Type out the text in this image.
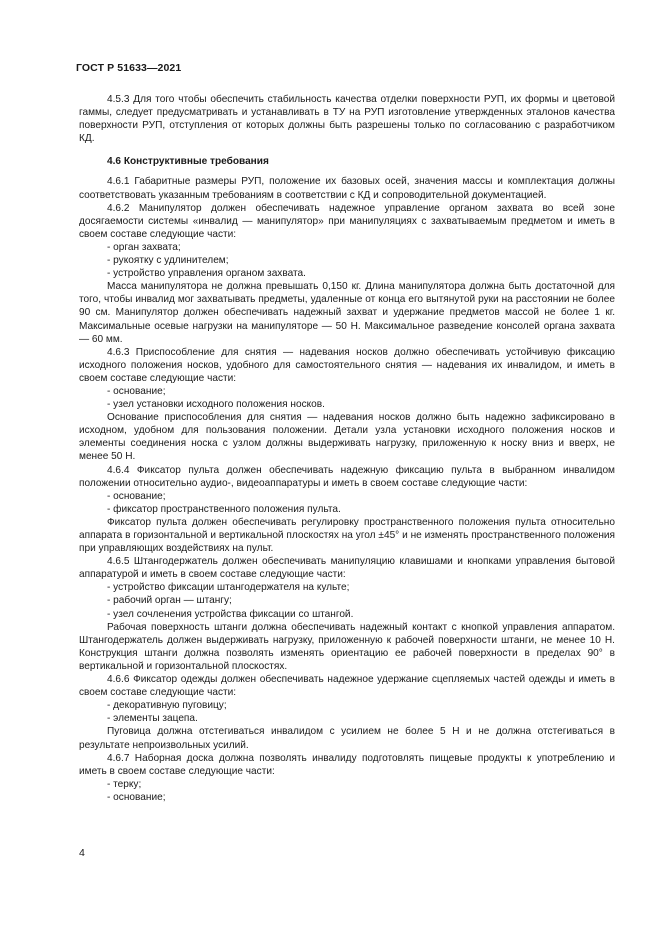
ГОСТ Р 51633—2021

4.5.3 Для того чтобы обеспечить стабильность качества отделки поверхности РУП, их формы и цветовой гаммы, следует предусматривать и устанавливать в ТУ на РУП изготовление утвержденных эталонов качества поверхности РУП, отступления от которых должны быть разрешены только по согласованию с разработчиком КД.

4.6 Конструктивные требования

4.6.1 Габаритные размеры РУП, положение их базовых осей, значения массы и комплектация должны соответствовать указанным требованиям в соответствии с КД и сопроводительной документацией.

4.6.2 Манипулятор должен обеспечивать надежное управление органом захвата во всей зоне досягаемости системы «инвалид — манипулятор» при манипуляциях с захватываемым предметом и иметь в своем составе следующие части:

- орган захвата;

- рукоятку с удлинителем;

- устройство управления органом захвата.

Масса манипулятора не должна превышать 0,150 кг. Длина манипулятора должна быть достаточной для того, чтобы инвалид мог захватывать предметы, удаленные от конца его вытянутой руки на расстоянии не более 90 см. Манипулятор должен обеспечивать надежный захват и удержание предметов массой не более 1 кг. Максимальные осевые нагрузки на манипуляторе — 50 Н. Максимальное разведение консолей органа захвата — 60 мм.

4.6.3 Приспособление для снятия — надевания носков должно обеспечивать устойчивую фиксацию исходного положения носков, удобного для самостоятельного снятия — надевания их инвалидом, и иметь в своем составе следующие части:

- основание;

- узел установки исходного положения носков.

Основание приспособления для снятия — надевания носков должно быть надежно зафиксировано в исходном, удобном для пользования положении. Детали узла установки исходного положения носков и элементы соединения носка с узлом должны выдерживать нагрузку, приложенную к носку вниз и вверх, не менее 50 Н.

4.6.4 Фиксатор пульта должен обеспечивать надежную фиксацию пульта в выбранном инвалидом положении относительно аудио-, видеоаппаратуры и иметь в своем составе следующие части:

- основание;

- фиксатор пространственного положения пульта.

Фиксатор пульта должен обеспечивать регулировку пространственного положения пульта относительно аппарата в горизонтальной и вертикальной плоскостях на угол ±45° и не изменять пространственного положения при управляющих воздействиях на пульт.

4.6.5 Штангодержатель должен обеспечивать манипуляцию клавишами и кнопками управления бытовой аппаратурой и иметь в своем составе следующие части:

- устройство фиксации штангодержателя на культе;

- рабочий орган — штангу;

- узел сочленения устройства фиксации со штангой.

Рабочая поверхность штанги должна обеспечивать надежный контакт с кнопкой управления аппаратом. Штангодержатель должен выдерживать нагрузку, приложенную к рабочей поверхности штанги, не менее 10 Н. Конструкция штанги должна позволять изменять ориентацию ее рабочей поверхности в пределах 90° в вертикальной и горизонтальной плоскостях.

4.6.6 Фиксатор одежды должен обеспечивать надежное удержание сцепляемых частей одежды и иметь в своем составе следующие части:

- декоративную пуговицу;

- элементы зацепа.

Пуговица должна отстегиваться инвалидом с усилием не более 5 Н и не должна отстегиваться в результате непроизвольных усилий.

4.6.7 Наборная доска должна позволять инвалиду подготовлять пищевые продукты к употреблению и иметь в своем составе следующие части:

- терку;

- основание;

4
